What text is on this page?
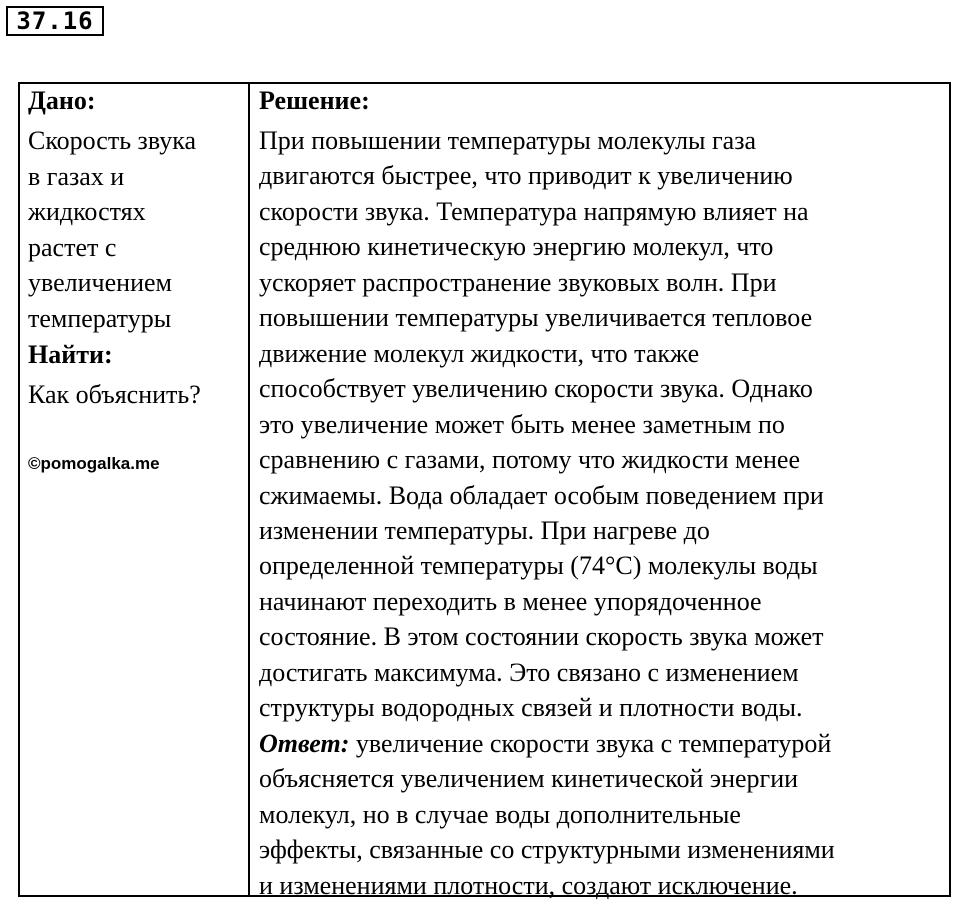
37.16
Дано:
Скорость звука
в газах и
жидкостях
растет с
увеличением
температуры
Найти:
Как объяснить?
©pomogalka.me
Решение:
При повышении температуры молекулы газа
двигаются быстрее, что приводит к увеличению
скорости звука. Температура напрямую влияет на
среднюю кинетическую энергию молекул, что
ускоряет распространение звуковых волн. При
повышении температуры увеличивается тепловое
движение молекул жидкости, что также
способствует увеличению скорости звука. Однако
это увеличение может быть менее заметным по
сравнению с газами, потому что жидкости менее
сжимаемы. Вода обладает особым поведением при
изменении температуры. При нагреве до
определенной температуры (74°С) молекулы воды
начинают переходить в менее упорядоченное
состояние. В этом состоянии скорость звука может
достигать максимума. Это связано с изменением
структуры водородных связей и плотности воды.
Ответ: увеличение скорости звука с температурой
объясняется увеличением кинетической энергии
молекул, но в случае воды дополнительные
эффекты, связанные со структурными изменениями
и изменениями плотности, создают исключение.
